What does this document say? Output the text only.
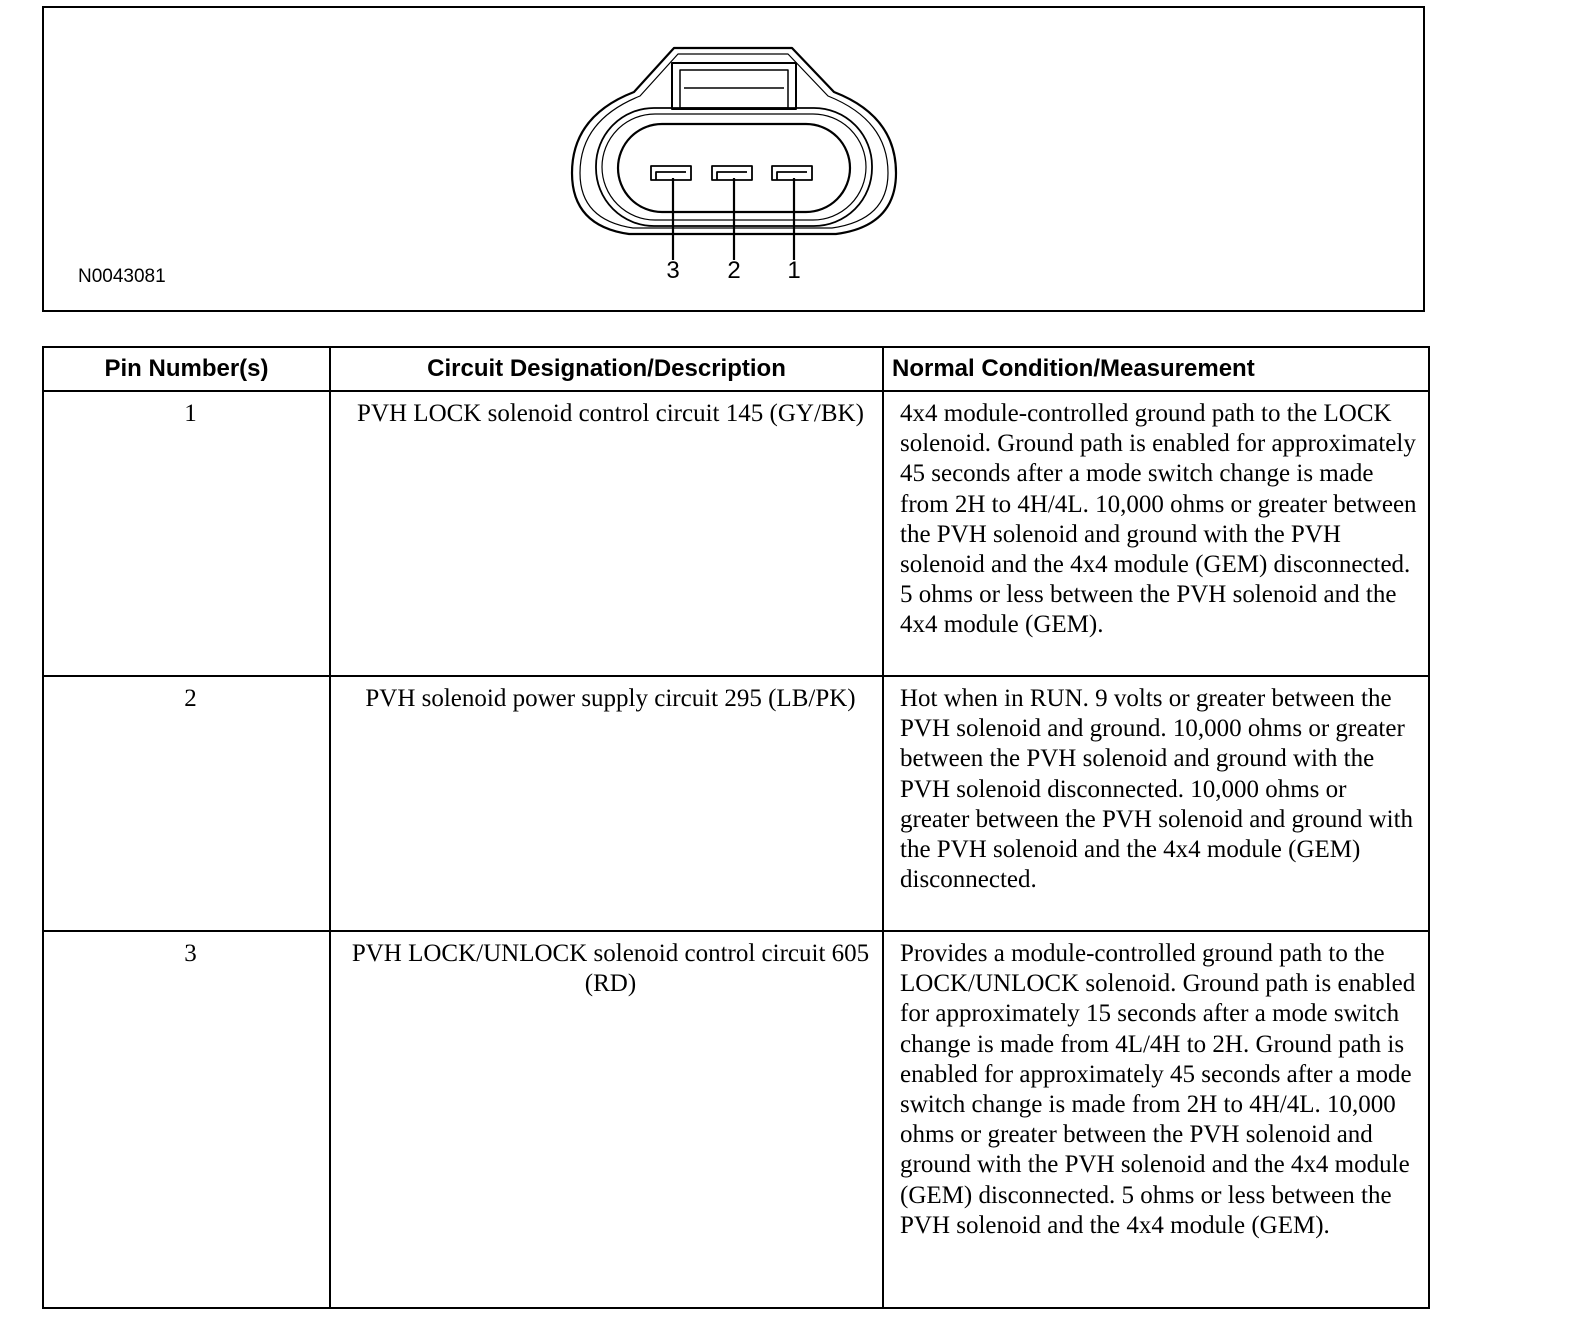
N0043081	3	2	1
Pin Number(s)	Circuit Designation/Description	Normal Condition/Measurement
1	PVH LOCK solenoid control circuit 145 (GY/BK)	4x4 module-controlled ground path to the LOCK solenoid. Ground path is enabled for approximately 45 seconds after a mode switch change is made from 2H to 4H/4L. 10,000 ohms or greater between the PVH solenoid and ground with the PVH solenoid and the 4x4 module (GEM) disconnected. 5 ohms or less between the PVH solenoid and the 4x4 module (GEM).
2	PVH solenoid power supply circuit 295 (LB/PK)	Hot when in RUN. 9 volts or greater between the PVH solenoid and ground. 10,000 ohms or greater between the PVH solenoid and ground with the PVH solenoid disconnected. 10,000 ohms or greater between the PVH solenoid and ground with the PVH solenoid and the 4x4 module (GEM) disconnected.
3	PVH LOCK/UNLOCK solenoid control circuit 605 (RD)	Provides a module-controlled ground path to the LOCK/UNLOCK solenoid. Ground path is enabled for approximately 15 seconds after a mode switch change is made from 4L/4H to 2H. Ground path is enabled for approximately 45 seconds after a mode switch change is made from 2H to 4H/4L. 10,000 ohms or greater between the PVH solenoid and ground with the PVH solenoid and the 4x4 module (GEM) disconnected. 5 ohms or less between the PVH solenoid and the 4x4 module (GEM).
